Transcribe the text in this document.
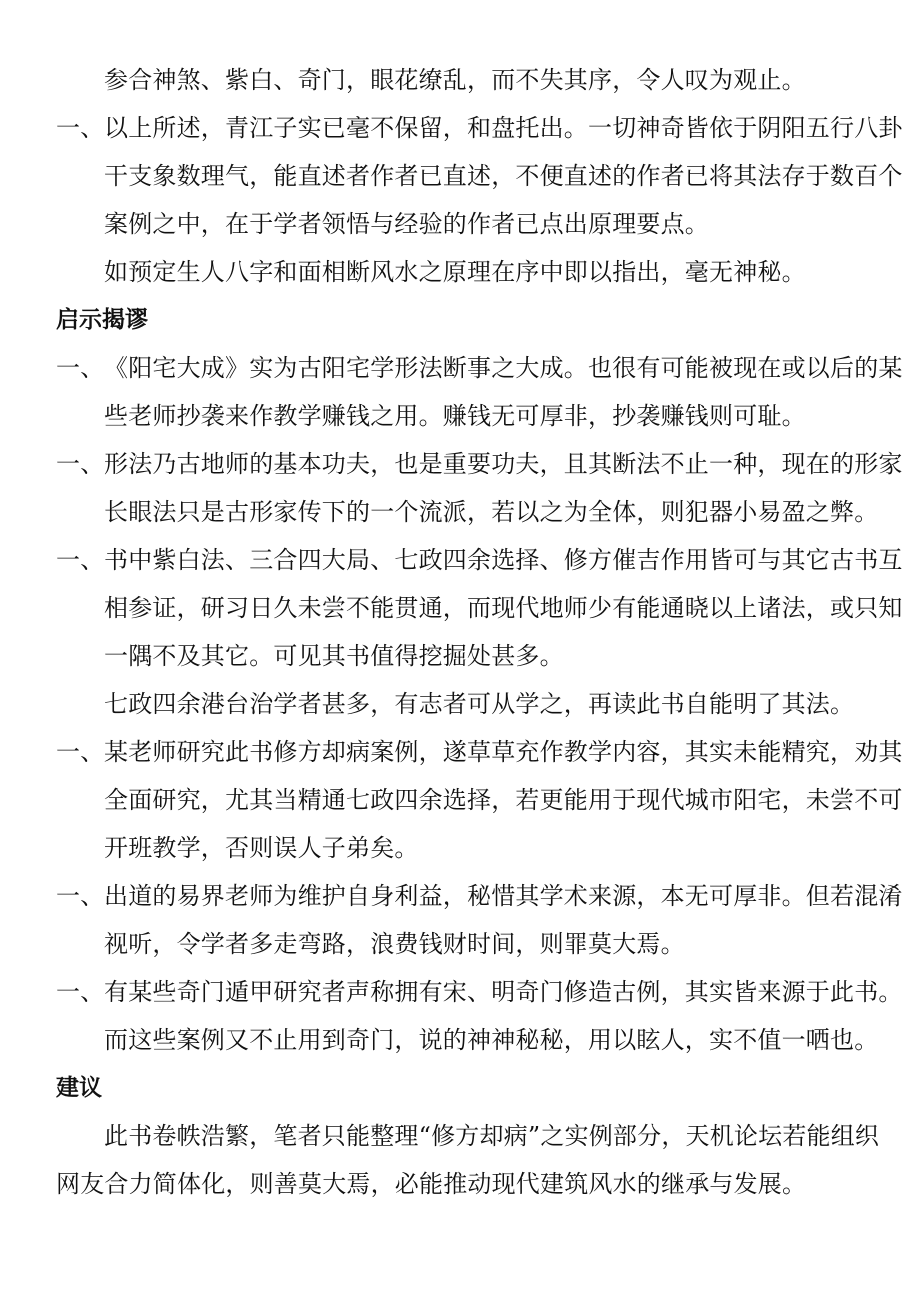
参合神煞、紫白、奇门，眼花缭乱，而不失其序，令人叹为观止。
一、 以上所述，青江子实已毫不保留，和盘托出。一切神奇皆依于阴阳五行八卦
干支象数理气，能直述者作者已直述，不便直述的作者已将其法存于数百个
案例之中，在于学者领悟与经验的作者已点出原理要点。
如预定生人八字和面相断风水之原理在序中即以指出，毫无神秘。
启示揭谬
一、 《阳宅大成》实为古阳宅学形法断事之大成。也很有可能被现在或以后的某
些老师抄袭来作教学赚钱之用。赚钱无可厚非，抄袭赚钱则可耻。
一、 形法乃古地师的基本功夫，也是重要功夫，且其断法不止一种，现在的形家
长眼法只是古形家传下的一个流派，若以之为全体，则犯器小易盈之弊。
一、 书中紫白法、三合四大局、七政四余选择、修方催吉作用皆可与其它古书互
相参证，研习日久未尝不能贯通，而现代地师少有能通晓以上诸法，或只知
一隅不及其它。可见其书值得挖掘处甚多。
七政四余港台治学者甚多，有志者可从学之，再读此书自能明了其法。
一、 某老师研究此书修方却病案例，遂草草充作教学内容，其实未能精究，劝其
全面研究，尤其当精通七政四余选择，若更能用于现代城市阳宅，未尝不可
开班教学，否则误人子弟矣。
一、 出道的易界老师为维护自身利益，秘惜其学术来源，本无可厚非。但若混淆
视听，令学者多走弯路，浪费钱财时间，则罪莫大焉。
一、 有某些奇门遁甲研究者声称拥有宋、明奇门修造古例，其实皆来源于此书。
而这些案例又不止用到奇门，说的神神秘秘，用以眩人，实不值一哂也。
建议
此书卷帙浩繁，笔者只能整理“修方却病”之实例部分，天机论坛若能组织
网友合力简体化，则善莫大焉，必能推动现代建筑风水的继承与发展。
